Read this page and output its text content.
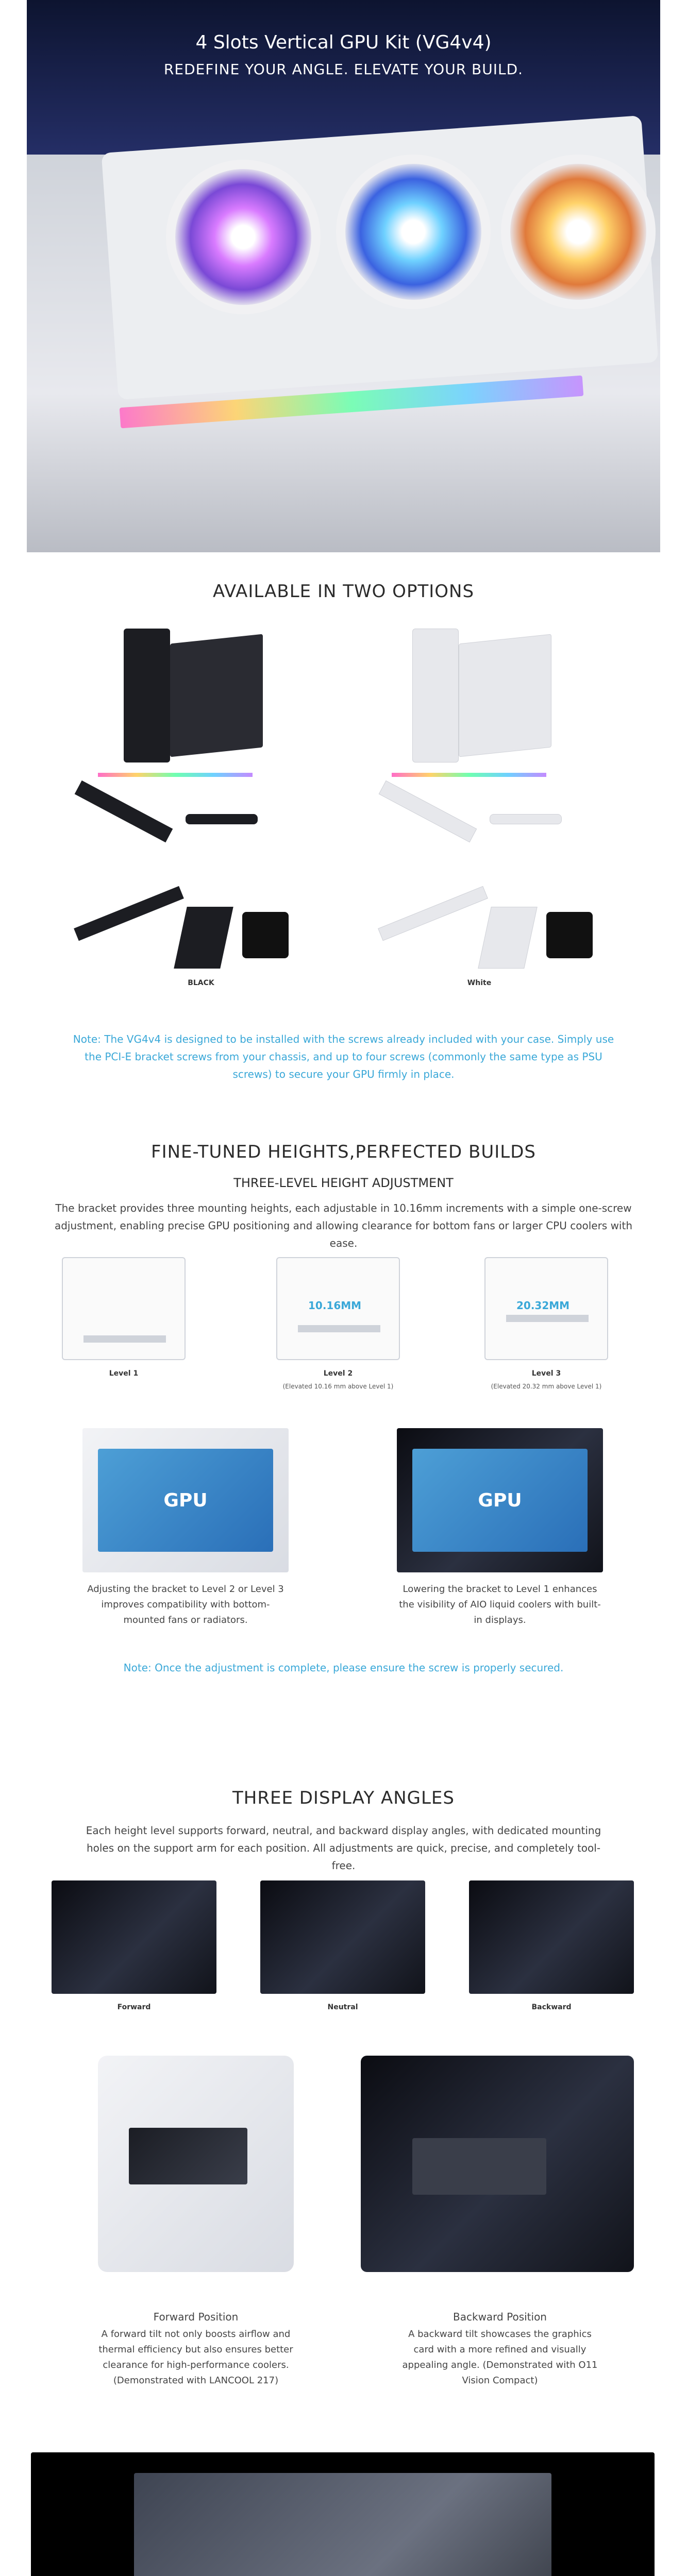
4 Slots Vertical GPU Kit (VG4v4)
REDEFINE YOUR ANGLE. ELEVATE YOUR BUILD.
AVAILABLE IN TWO OPTIONS
BLACK	White
Note: The VG4v4 is designed to be installed with the screws already included with your case. Simply use the PCI-E bracket screws from your chassis, and up to four screws (commonly the same type as PSU screws) to secure your GPU firmly in place.
FINE-TUNED HEIGHTS,PERFECTED BUILDS
THREE-LEVEL HEIGHT ADJUSTMENT
The bracket provides three mounting heights, each adjustable in 10.16mm increments with a simple one-screw adjustment, enabling precise GPU positioning and allowing clearance for bottom fans or larger CPU coolers with ease.
10.16MM	20.32MM
Level 1	Level 2
(Elevated 10.16 mm above Level 1)
Level 3
(Elevated 20.32 mm above Level 1)
GPU	GPU
Adjusting the bracket to Level 2 or Level 3 improves compatibility with bottom-mounted fans or radiators.
Lowering the bracket to Level 1 enhances the visibility of AIO liquid coolers with built-in displays.
Note: Once the adjustment is complete, please ensure the screw is properly secured.
THREE DISPLAY ANGLES
Each height level supports forward, neutral, and backward display angles, with dedicated mounting holes on the support arm for each position. All adjustments are quick, precise, and completely tool-free.
Forward	Neutral	Backward
Forward Position
A forward tilt not only boosts airflow and thermal efficiency but also ensures better clearance for high-performance coolers. (Demonstrated with LANCOOL 217)
Backward Position
A backward tilt showcases the graphics card with a more refined and visually appealing angle. (Demonstrated with O11 Vision Compact)
